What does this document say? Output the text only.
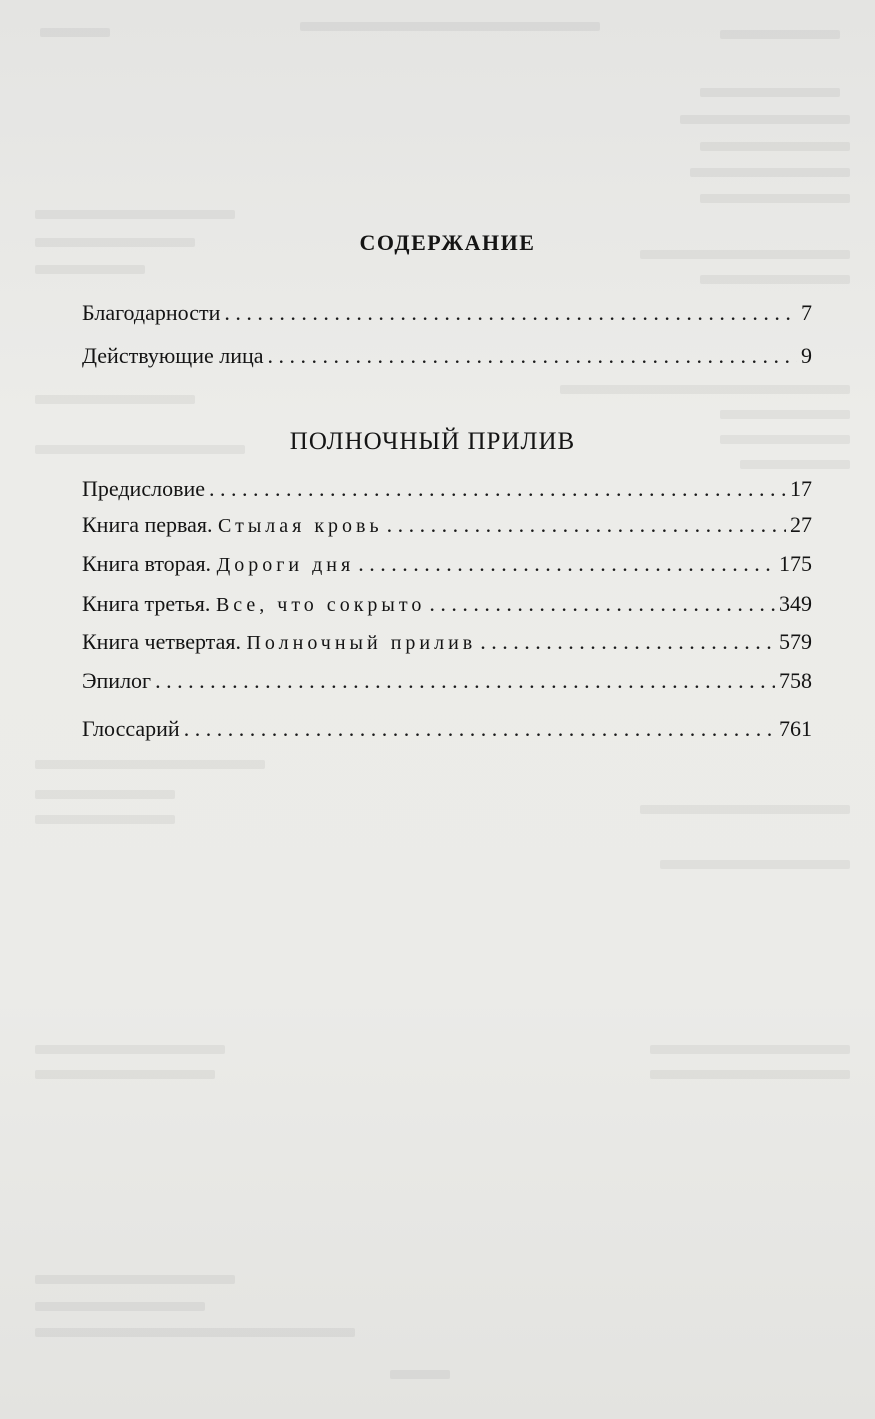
СОДЕРЖАНИЕ
Благодарности . . .	7
Действующие лица . . .	9
ПОЛНОЧНЫЙ ПРИЛИВ
Предисловие . . .	17
Книга первая. Стылая кровь . . .	27
Книга вторая. Дороги дня . . .	175
Книга третья. Все, что сокрыто . . .	349
Книга четвертая. Полночный прилив . . .	579
Эпилог . . .	758
Глоссарий . . .	761
